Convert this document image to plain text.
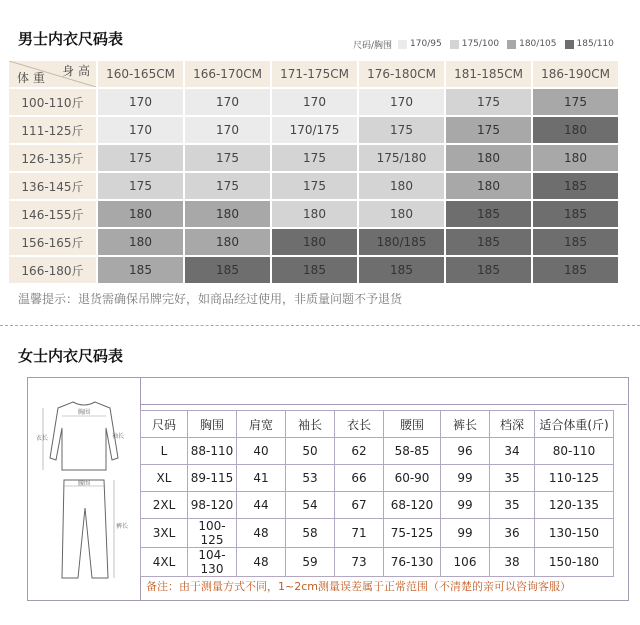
男士内衣尺码表	尺码/胸围 170/95 175/100 180/105 185/110
身 高
体 重	160-165CM	166-170CM	171-175CM	176-180CM	181-185CM	186-190CM
100-110斤	170	170	170	170	175	175
111-125斤	170	170	170/175	175	175	180
126-135斤	175	175	175	175/180	180	180
136-145斤	175	175	175	180	180	185
146-155斤	180	180	180	180	185	185
156-165斤	180	180	180	180/185	185	185
166-180斤	185	185	185	185	185	185
温馨提示：退货需确保吊牌完好，如商品经过使用，非质量问题不予退货
女士内衣尺码表
衣长
胸围
袖长
腰围
裤长
尺码	胸围	肩宽	袖长	衣长	腰围	裤长	档深	适合体重(斤)
L	88-110	40	50	62	58-85	96	34	80-110
XL	89-115	41	53	66	60-90	99	35	110-125
2XL	98-120	44	54	67	68-120	99	35	120-135
3XL	100-125	48	58	71	75-125	99	36	130-150
4XL	104-130	48	59	73	76-130	106	38	150-180
备注：由于测量方式不同，1~2cm测量误差属于正常范围（不清楚的亲可以咨询客服）
